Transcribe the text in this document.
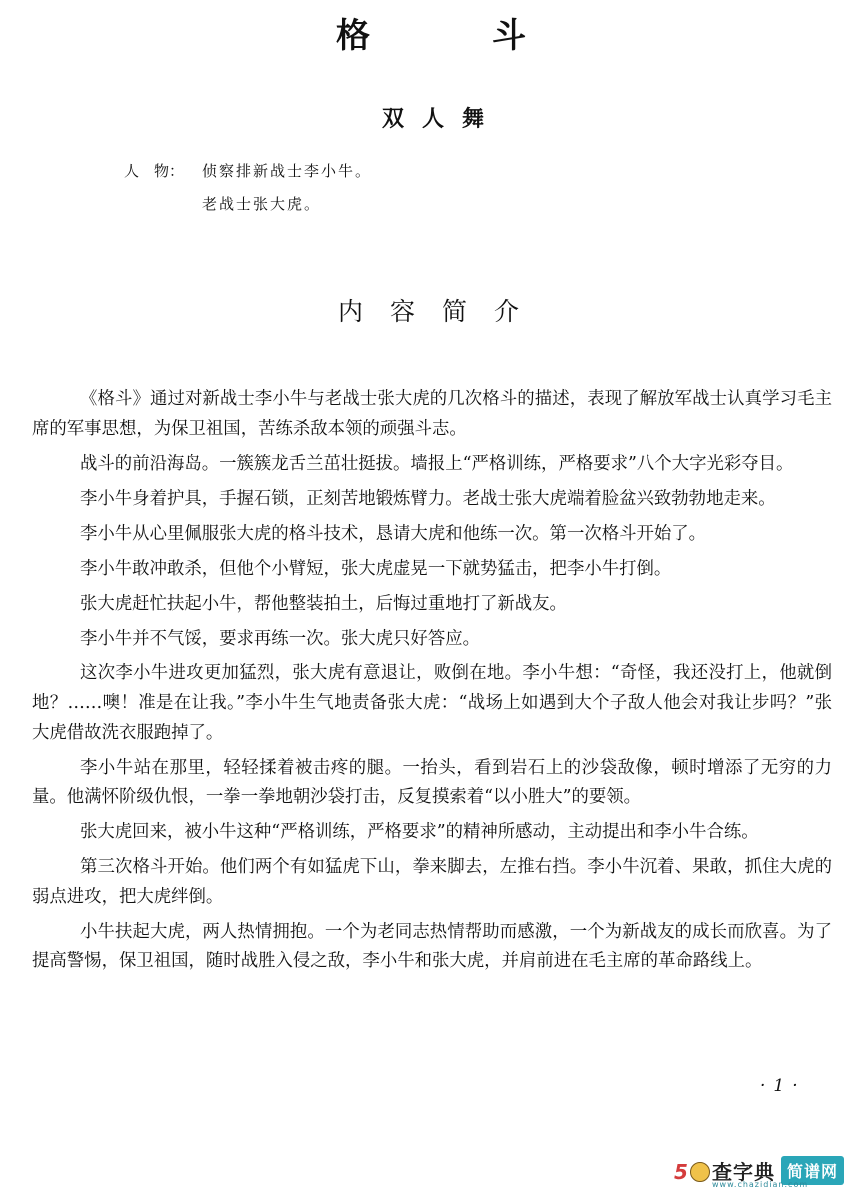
格	斗
双人舞
人　物： 侦察排新战士李小牛。
老战士张大虎。
内容简介

《格斗》通过对新战士李小牛与老战士张大虎的几次格斗的描述，表现了解放军战士认真学习毛主席的军事思想，为保卫祖国，苦练杀敌本领的顽强斗志。

战斗的前沿海岛。一簇簇龙舌兰茁壮挺拔。墙报上“严格训练，严格要求”八个大字光彩夺目。

李小牛身着护具，手握石锁，正刻苦地锻炼臂力。老战士张大虎端着脸盆兴致勃勃地走来。

李小牛从心里佩服张大虎的格斗技术，恳请大虎和他练一次。第一次格斗开始了。

李小牛敢冲敢杀，但他个小臂短，张大虎虚晃一下就势猛击，把李小牛打倒。

张大虎赶忙扶起小牛，帮他整装拍土，后悔过重地打了新战友。

李小牛并不气馁，要求再练一次。张大虎只好答应。

这次李小牛进攻更加猛烈，张大虎有意退让，败倒在地。李小牛想：“奇怪，我还没打上，他就倒地？……噢！准是在让我。”李小牛生气地责备张大虎：“战场上如遇到大个子敌人他会对我让步吗？”张大虎借故洗衣服跑掉了。

李小牛站在那里，轻轻揉着被击疼的腿。一抬头，看到岩石上的沙袋敌像，顿时增添了无穷的力量。他满怀阶级仇恨，一拳一拳地朝沙袋打击，反复摸索着“以小胜大”的要领。

张大虎回来，被小牛这种“严格训练，严格要求”的精神所感动，主动提出和李小牛合练。

第三次格斗开始。他们两个有如猛虎下山，拳来脚去，左推右挡。李小牛沉着、果敢，抓住大虎的弱点进攻，把大虎绊倒。

小牛扶起大虎，两人热情拥抱。一个为老同志热情帮助而感激，一个为新战友的成长而欣喜。为了提高警惕，保卫祖国，随时战胜入侵之敌，李小牛和张大虎，并肩前进在毛主席的革命路线上。

·1·
5 查字典 简谱网
www.chazidian.com
